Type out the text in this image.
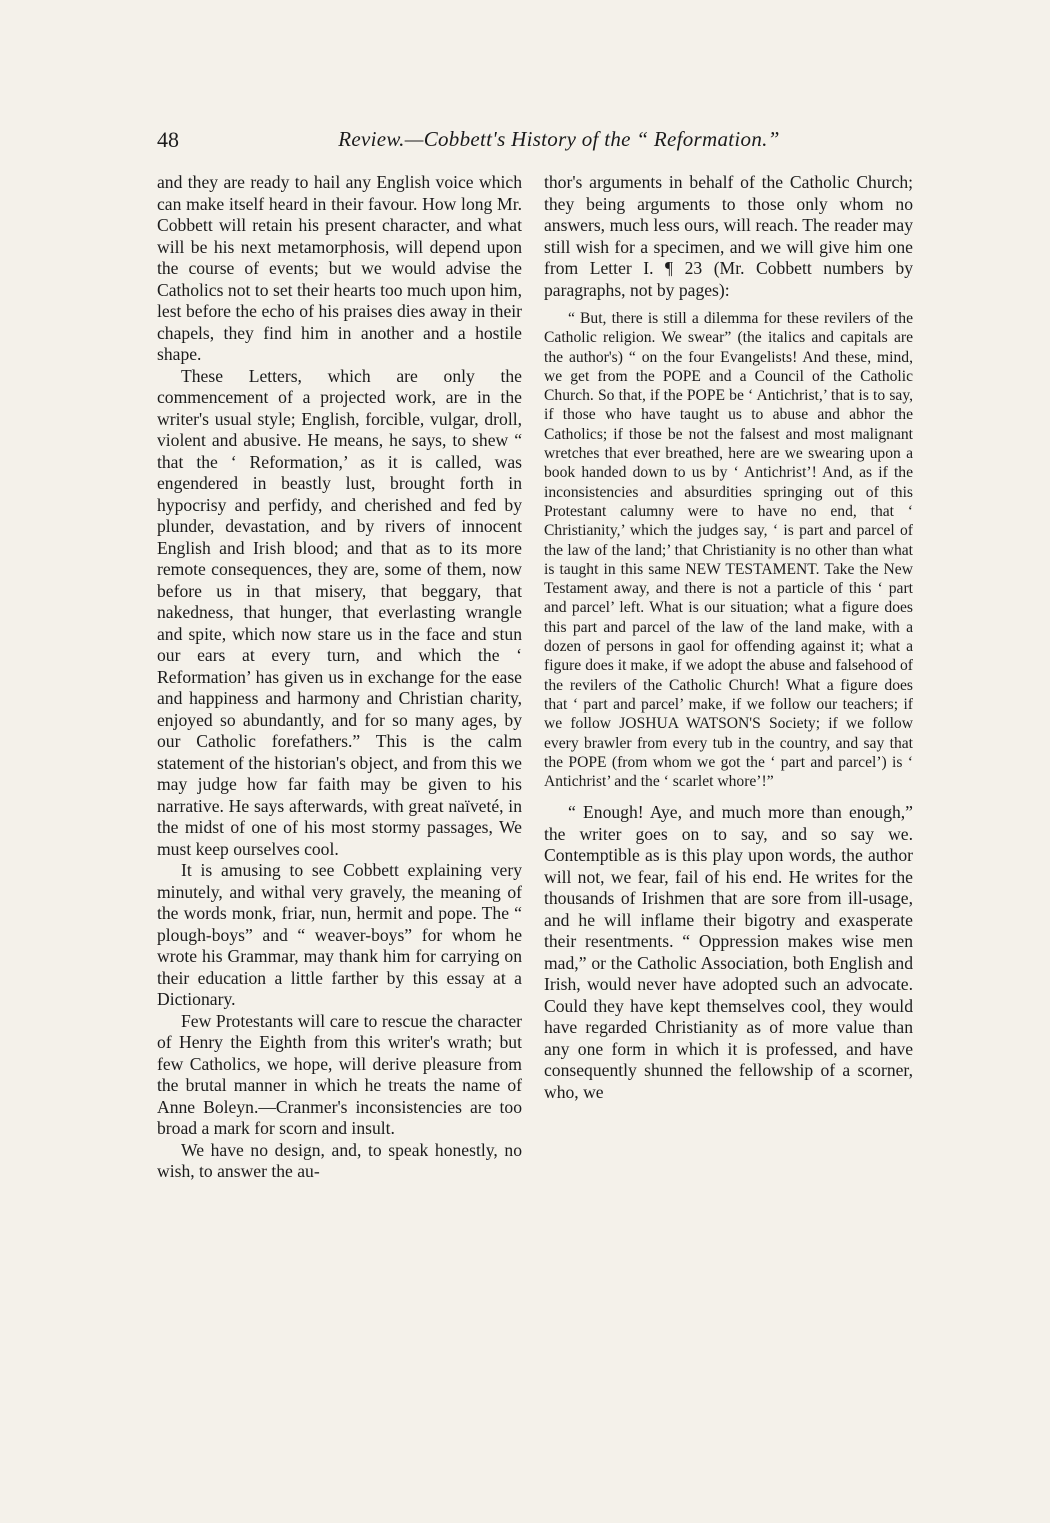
48	Review.—Cobbett's History of the “ Reformation.”

and they are ready to hail any English voice which can make itself heard in their favour. How long Mr. Cobbett will retain his present character, and what will be his next metamorphosis, will depend upon the course of events; but we would advise the Catholics not to set their hearts too much upon him, lest before the echo of his praises dies away in their chapels, they find him in another and a hostile shape.

These Letters, which are only the commencement of a projected work, are in the writer's usual style; English, forcible, vulgar, droll, violent and abusive. He means, he says, to shew “ that the ‘ Reformation,’ as it is called, was engendered in beastly lust, brought forth in hypocrisy and perfidy, and cherished and fed by plunder, devastation, and by rivers of innocent English and Irish blood; and that as to its more remote consequences, they are, some of them, now before us in that misery, that beggary, that nakedness, that hunger, that everlasting wrangle and spite, which now stare us in the face and stun our ears at every turn, and which the ‘ Reformation’ has given us in exchange for the ease and happiness and harmony and Christian charity, enjoyed so abundantly, and for so many ages, by our Catholic forefathers.” This is the calm statement of the historian's object, and from this we may judge how far faith may be given to his narrative. He says afterwards, with great naïveté, in the midst of one of his most stormy passages, We must keep ourselves cool.

It is amusing to see Cobbett explaining very minutely, and withal very gravely, the meaning of the words monk, friar, nun, hermit and pope. The “ plough-boys” and “ weaver-boys” for whom he wrote his Grammar, may thank him for carrying on their education a little farther by this essay at a Dictionary.

Few Protestants will care to rescue the character of Henry the Eighth from this writer's wrath; but few Catholics, we hope, will derive pleasure from the brutal manner in which he treats the name of Anne Boleyn.—Cranmer's inconsistencies are too broad a mark for scorn and insult.

We have no design, and, to speak honestly, no wish, to answer the au-

thor's arguments in behalf of the Catholic Church; they being arguments to those only whom no answers, much less ours, will reach. The reader may still wish for a specimen, and we will give him one from Letter I. ¶ 23 (Mr. Cobbett numbers by paragraphs, not by pages):

“ But, there is still a dilemma for these revilers of the Catholic religion. We swear” (the italics and capitals are the author's) “ on the four Evangelists! And these, mind, we get from the POPE and a Council of the Catholic Church. So that, if the POPE be ‘ Antichrist,’ that is to say, if those who have taught us to abuse and abhor the Catholics; if those be not the falsest and most malignant wretches that ever breathed, here are we swearing upon a book handed down to us by ‘ Antichrist’! And, as if the inconsistencies and absurdities springing out of this Protestant calumny were to have no end, that ‘ Christianity,’ which the judges say, ‘ is part and parcel of the law of the land;’ that Christianity is no other than what is taught in this same NEW TESTAMENT. Take the New Testament away, and there is not a particle of this ‘ part and parcel’ left. What is our situation; what a figure does this part and parcel of the law of the land make, with a dozen of persons in gaol for offending against it; what a figure does it make, if we adopt the abuse and falsehood of the revilers of the Catholic Church! What a figure does that ‘ part and parcel’ make, if we follow our teachers; if we follow JOSHUA WATSON'S Society; if we follow every brawler from every tub in the country, and say that the POPE (from whom we got the ‘ part and parcel’) is ‘ Antichrist’ and the ‘ scarlet whore’!”

“ Enough! Aye, and much more than enough,” the writer goes on to say, and so say we. Contemptible as is this play upon words, the author will not, we fear, fail of his end. He writes for the thousands of Irishmen that are sore from ill-usage, and he will inflame their bigotry and exasperate their resentments. “ Oppression makes wise men mad,” or the Catholic Association, both English and Irish, would never have adopted such an advocate. Could they have kept themselves cool, they would have regarded Christianity as of more value than any one form in which it is professed, and have consequently shunned the fellowship of a scorner, who, we
